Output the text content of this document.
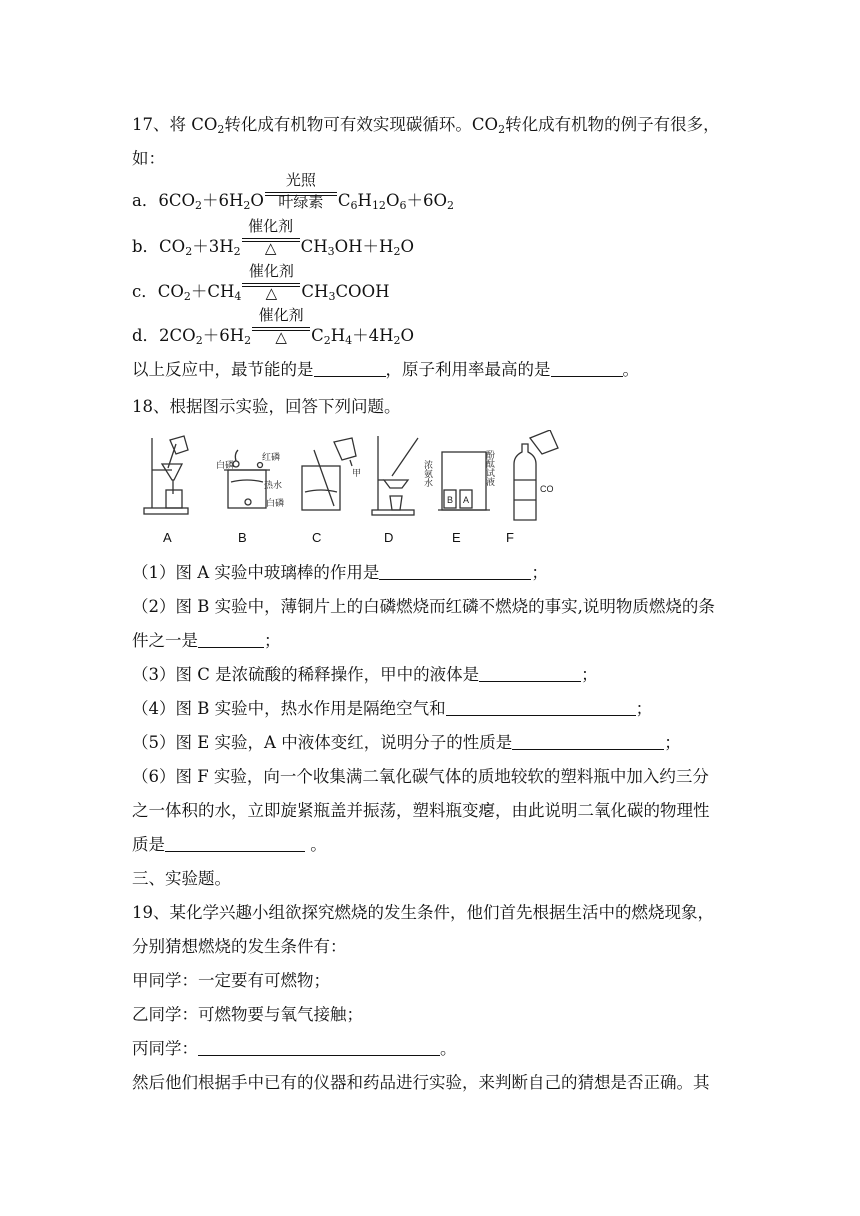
17、将 $CO_2$转化成有机物可有效实现碳循环。$CO_2$转化成有机物的例子有很多，
如：
a．$6CO_2+6H_2O$
光照
叶绿素 $C_6H_{12}O_6+6O_2$
b．$CO_2+3H_2$
催化剂
△	$CH_3OH+H_2O$
c．$CO_2+CH_4$
催化剂
△	$CH_3COOH$
d．$2CO_2+6H_2$
催化剂
△	$C_2H_4+4H_2O$
以上反应中，最节能的是	，原子利用率最高的是	。
18、根据图示实验，回答下列问题。
白磷
红磷
热水
白磷
甲	浓氨水	酚酞试液
B A
CO
A	B	C	D	E	F
（1）图 A 实验中玻璃棒的作用是	；
（2）图 B 实验中，薄铜片上的白磷燃烧而红磷不燃烧的事实,说明物质燃烧的条
件之一是	；
（3）图 C 是浓硫酸的稀释操作，甲中的液体是	；
（4）图 B 实验中，热水作用是隔绝空气和	；
（5）图 E 实验，A 中液体变红，说明分子的性质是	；
（6）图 F 实验，向一个收集满二氧化碳气体的质地较软的塑料瓶中加入约三分
之一体积的水，立即旋紧瓶盖并振荡，塑料瓶变瘪，由此说明二氧化碳的物理性
质是	。
三、实验题。
19、某化学兴趣小组欲探究燃烧的发生条件，他们首先根据生活中的燃烧现象，
分别猜想燃烧的发生条件有：
甲同学：一定要有可燃物；
乙同学：可燃物要与氧气接触；
丙同学：	。
然后他们根据手中已有的仪器和药品进行实验，来判断自己的猜想是否正确。其
